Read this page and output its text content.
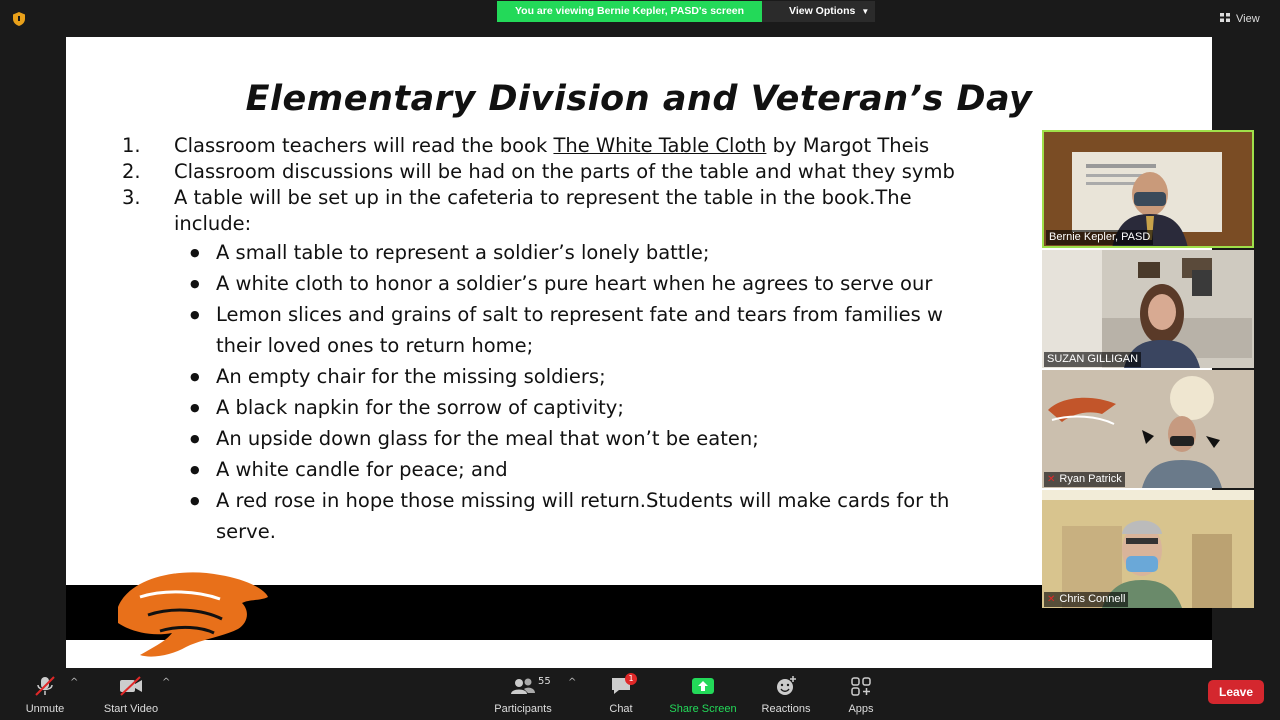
You are viewing Bernie Kepler, PASD's screen	View Options ▼
View
Elementary Division and Veteran’s Day
1. Classroom teachers will read the book The White Table Cloth by Margot Theis
2. Classroom discussions will be had on the parts of the table and what they symb
3. A table will be set up in the cafeteria to represent the table in the book.The
include:
● A small table to represent a soldier’s lonely battle;
● A white cloth to honor a soldier’s pure heart when he agrees to serve our
● Lemon slices and grains of salt to represent fate and tears from families w
their loved ones to return home;
● An empty chair for the missing soldiers;
● A black napkin for the sorrow of captivity;
● An upside down glass for the meal that won’t be eaten;
● A white candle for peace; and
● A red rose in hope those missing will return.Students will make cards for th
serve.
Bernie Kepler, PASD
SUZAN GILLIGAN
✕ Ryan Patrick
✕ Chris Connell
Unmute
^
Start Video
^
Participants
55 ^
Chat
1
Share Screen	Reactions	Apps
Leave
